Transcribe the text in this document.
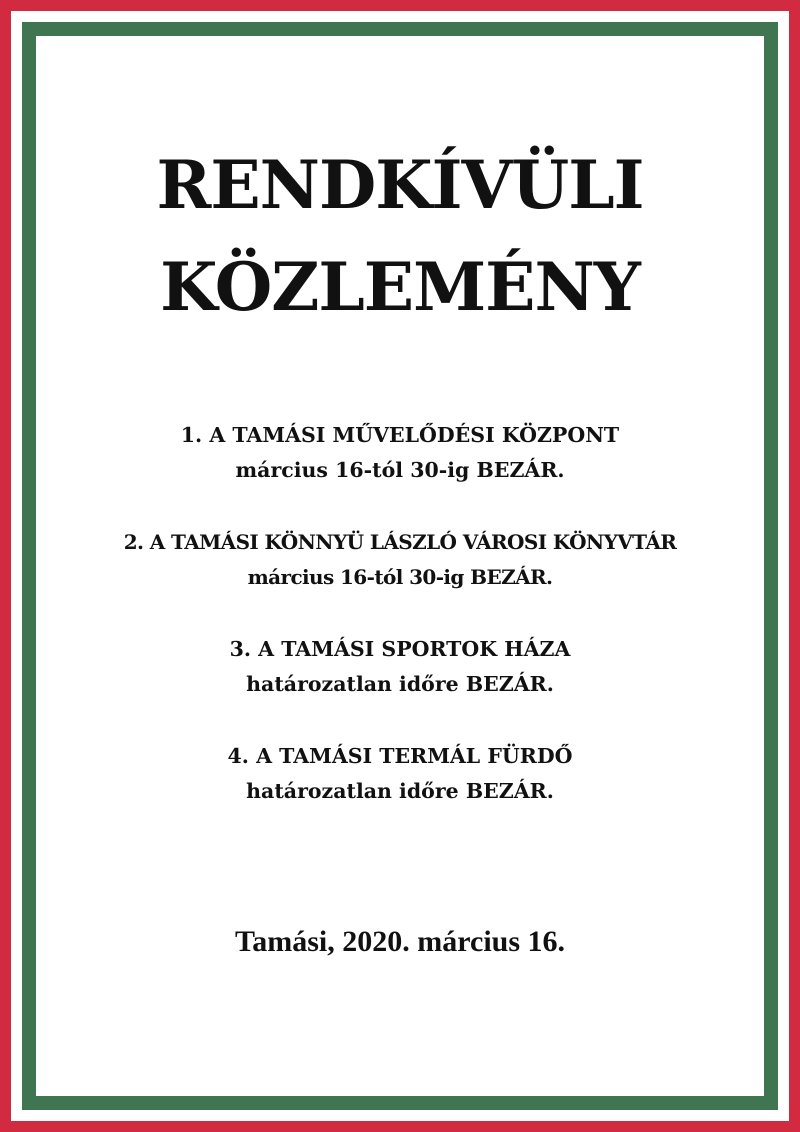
RENDKÍVÜLI
KÖZLEMÉNY

1. A TAMÁSI MŰVELŐDÉSI KÖZPONT
március 16-tól 30-ig BEZÁR.

2. A TAMÁSI KÖNNYÜ LÁSZLÓ VÁROSI KÖNYVTÁR
március 16-tól 30-ig BEZÁR.

3. A TAMÁSI SPORTOK HÁZA
határozatlan időre BEZÁR.

4. A TAMÁSI TERMÁL FÜRDŐ
határozatlan időre BEZÁR.

Tamási, 2020. március 16.
